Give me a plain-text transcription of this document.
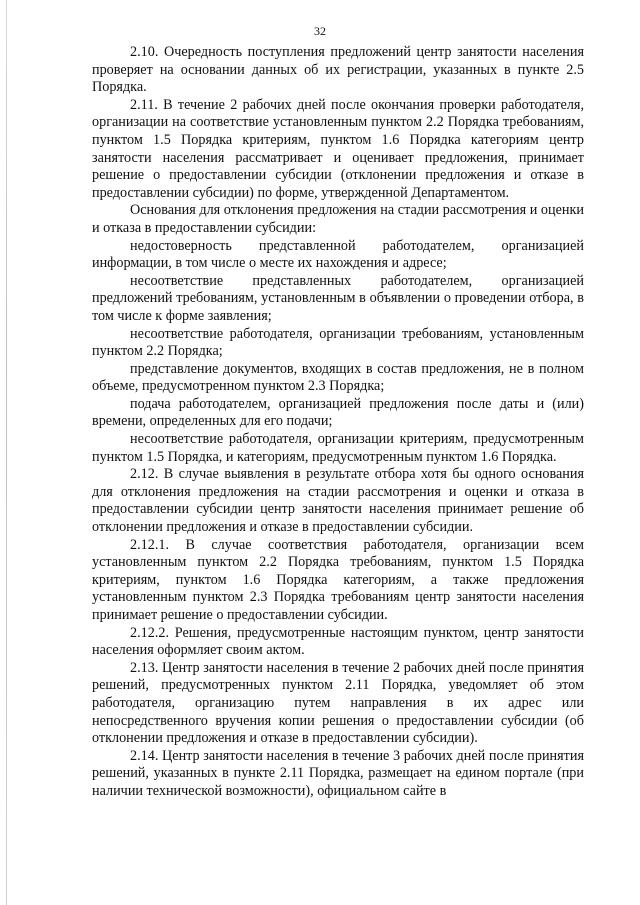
32

2.10. Очередность поступления предложений центр занятости населения проверяет на основании данных об их регистрации, указанных в пункте 2.5 Порядка.

2.11. В течение 2 рабочих дней после окончания проверки работодателя, организации на соответствие установленным пунктом 2.2 Порядка требованиям, пунктом 1.5 Порядка критериям, пунктом 1.6 Порядка категориям центр занятости населения рассматривает и оценивает предложения, принимает решение о предоставлении субсидии (отклонении предложения и отказе в предоставлении субсидии) по форме, утвержденной Департаментом.

Основания для отклонения предложения на стадии рассмотрения и оценки и отказа в предоставлении субсидии:

недостоверность представленной работодателем, организацией информации, в том числе о месте их нахождения и адресе;

несоответствие представленных работодателем, организацией предложений требованиям, установленным в объявлении о проведении отбора, в том числе к форме заявления;

несоответствие работодателя, организации требованиям, установленным пунктом 2.2 Порядка;

представление документов, входящих в состав предложения, не в полном объеме, предусмотренном пунктом 2.3 Порядка;

подача работодателем, организацией предложения после даты и (или) времени, определенных для его подачи;

несоответствие работодателя, организации критериям, предусмотренным пунктом 1.5 Порядка, и категориям, предусмотренным пунктом 1.6 Порядка.

2.12. В случае выявления в результате отбора хотя бы одного основания для отклонения предложения на стадии рассмотрения и оценки и отказа в предоставлении субсидии центр занятости населения принимает решение об отклонении предложения и отказе в предоставлении субсидии.

2.12.1. В случае соответствия работодателя, организации всем установленным пунктом 2.2 Порядка требованиям, пунктом 1.5 Порядка критериям, пунктом 1.6 Порядка категориям, а также предложения установленным пунктом 2.3 Порядка требованиям центр занятости населения принимает решение о предоставлении субсидии.

2.12.2. Решения, предусмотренные настоящим пунктом, центр занятости населения оформляет своим актом.

2.13. Центр занятости населения в течение 2 рабочих дней после принятия решений, предусмотренных пунктом 2.11 Порядка, уведомляет об этом работодателя, организацию путем направления в их адрес или непосредственного вручения копии решения о предоставлении субсидии (об отклонении предложения и отказе в предоставлении субсидии).

2.14. Центр занятости населения в течение 3 рабочих дней после принятия решений, указанных в пункте 2.11 Порядка, размещает на едином портале (при наличии технической возможности), официальном сайте в
